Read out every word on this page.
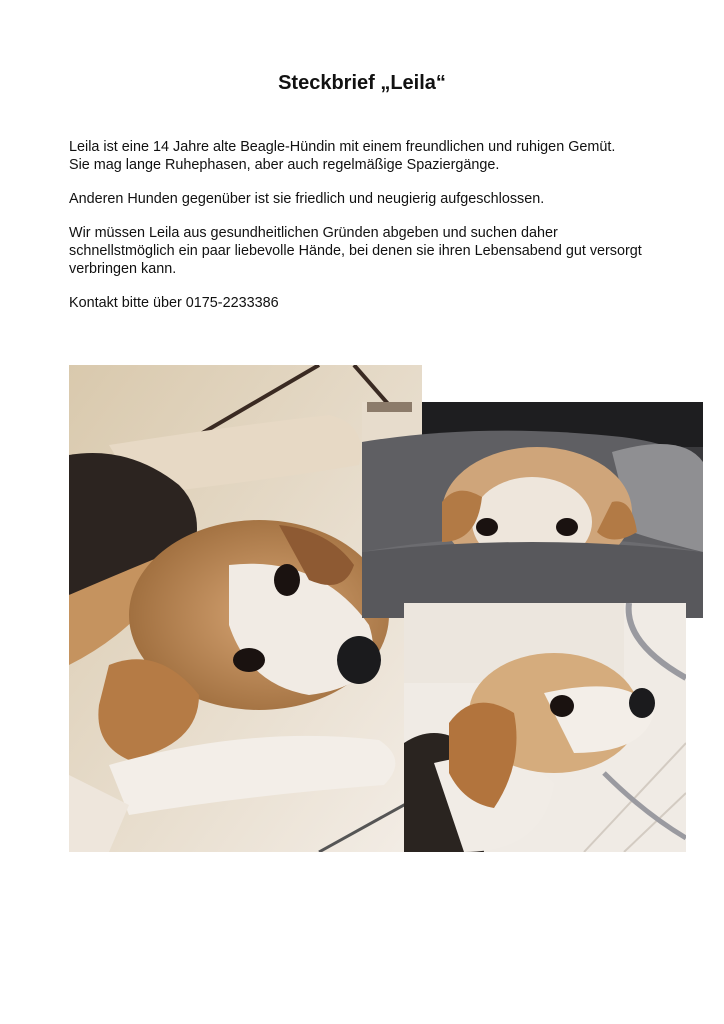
Steckbrief „Leila“

Leila ist eine 14 Jahre alte Beagle-Hündin mit einem freundlichen und ruhigen Gemüt.
Sie mag lange Ruhephasen, aber auch regelmäßige Spaziergänge.

Anderen Hunden gegenüber ist sie friedlich und neugierig aufgeschlossen.

Wir müssen Leila aus gesundheitlichen Gründen abgeben und suchen daher schnellstmöglich ein paar liebevolle Hände, bei denen sie ihren Lebensabend gut versorgt verbringen kann.

Kontakt bitte über 0175-2233386
